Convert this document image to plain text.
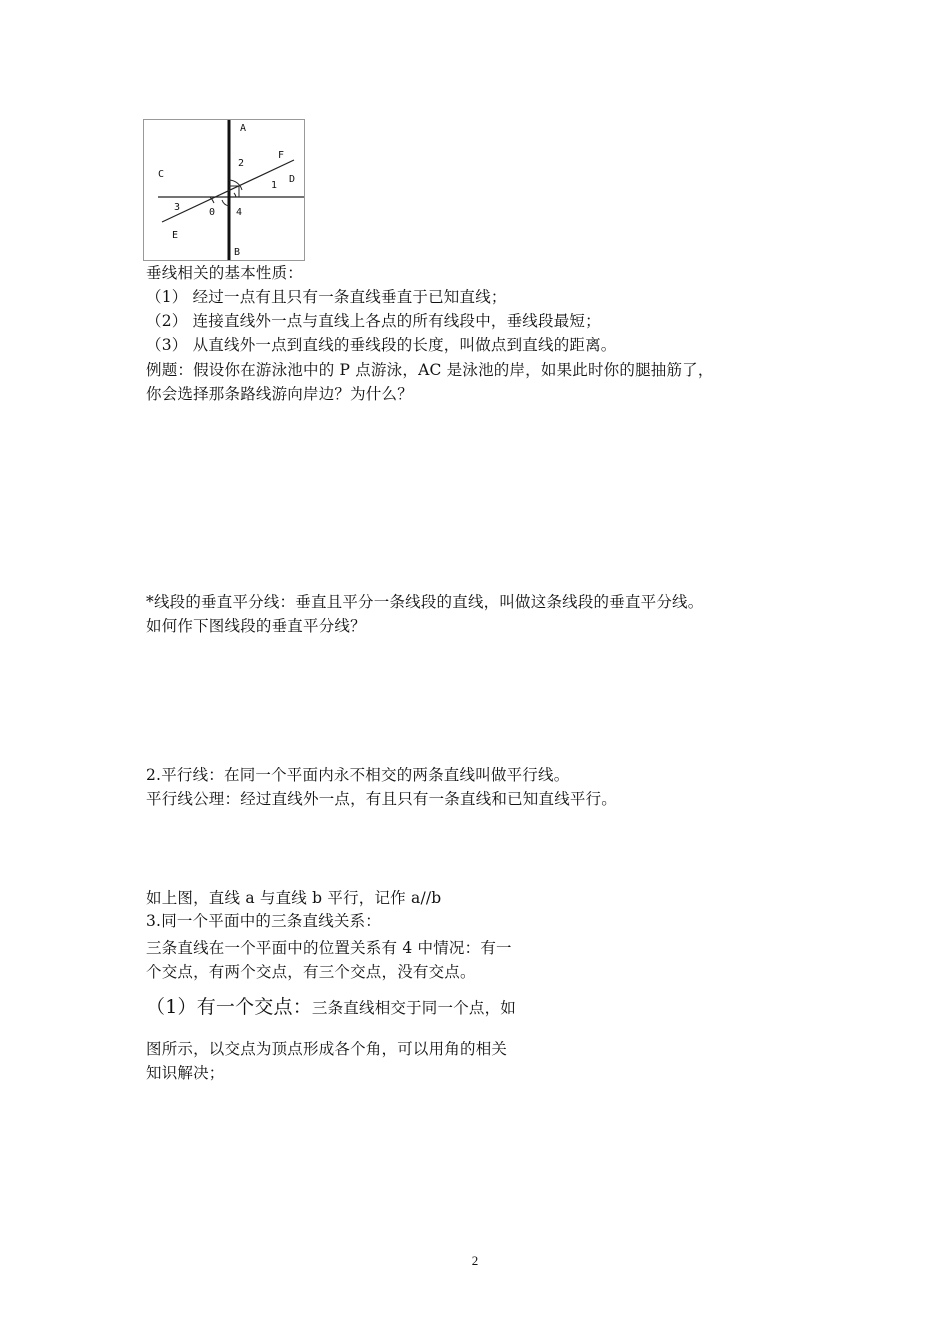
A
B
C	D
E
F
0
1
2
3	4
垂线相关的基本性质：
（1） 经过一点有且只有一条直线垂直于已知直线；
（2） 连接直线外一点与直线上各点的所有线段中，垂线段最短；
（3） 从直线外一点到直线的垂线段的长度，叫做点到直线的距离。
例题：假设你在游泳池中的 P 点游泳，AC 是泳池的岸，如果此时你的腿抽筋了，
你会选择那条路线游向岸边？为什么？
*线段的垂直平分线：垂直且平分一条线段的直线，叫做这条线段的垂直平分线。
如何作下图线段的垂直平分线？
2.平行线：在同一个平面内永不相交的两条直线叫做平行线。
平行线公理：经过直线外一点，有且只有一条直线和已知直线平行。
如上图，直线 a 与直线 b 平行，记作 a//b
3.同一个平面中的三条直线关系：
三条直线在一个平面中的位置关系有 4 中情况：有一
个交点，有两个交点，有三个交点，没有交点。
（1）有一个交点：三条直线相交于同一个点，如
图所示，以交点为顶点形成各个角，可以用角的相关
知识解决；
2
